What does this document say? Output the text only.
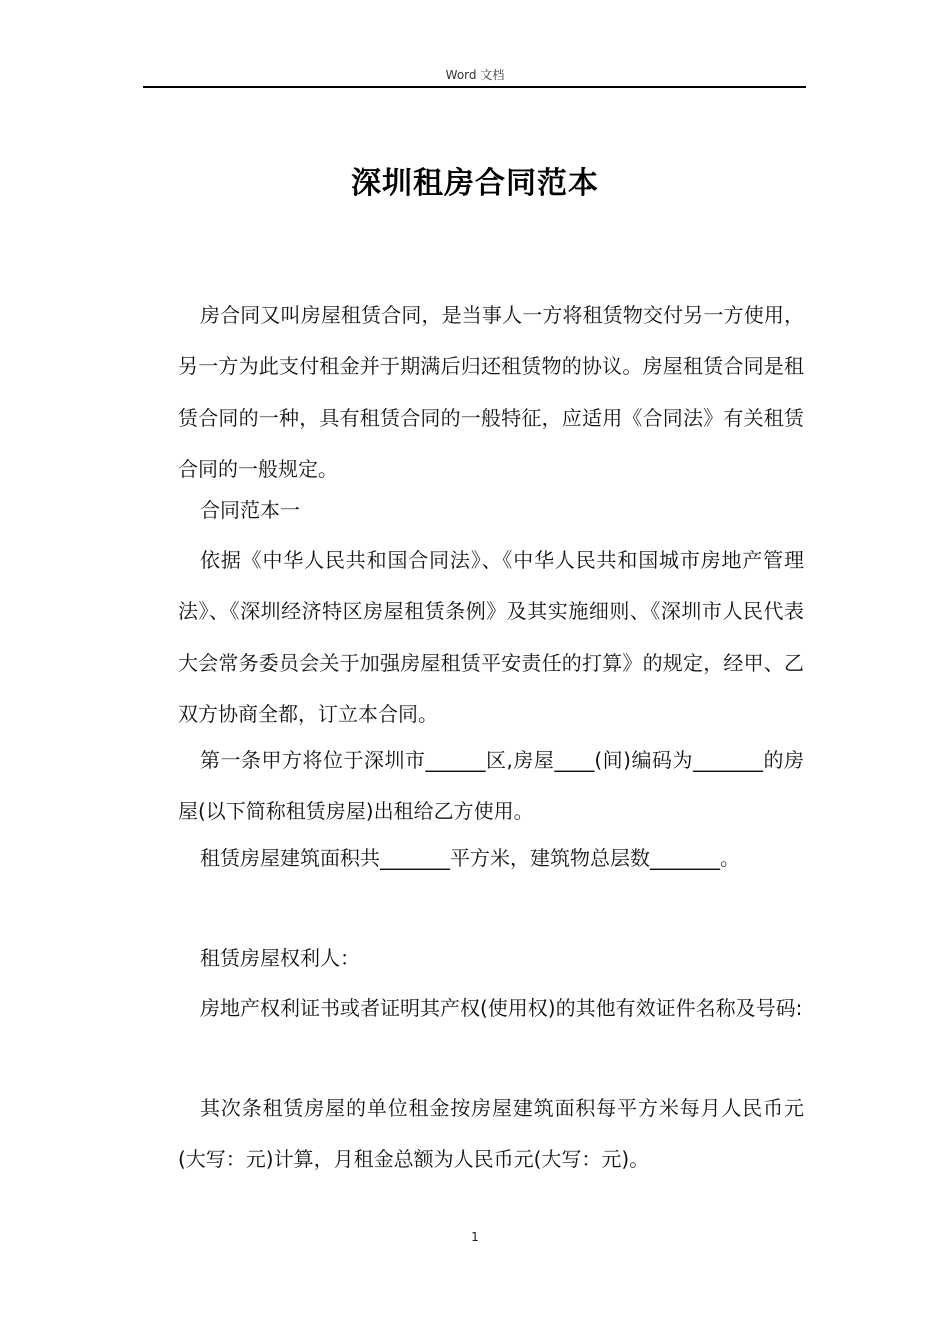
Word 文档
深圳租房合同范本

房合同又叫房屋租赁合同，是当事人一方将租赁物交付另一方使用，另一方为此支付租金并于期满后归还租赁物的协议。房屋租赁合同是租赁合同的一种，具有租赁合同的一般特征，应适用《合同法》有关租赁合同的一般规定。

合同范本一

依据《中华人民共和国合同法》、《中华人民共和国城市房地产管理法》、《深圳经济特区房屋租赁条例》及其实施细则、《深圳市人民代表大会常务委员会关于加强房屋租赁平安责任的打算》的规定，经甲、乙双方协商全都，订立本合同。

第一条甲方将位于深圳市______区,房屋____(间)编码为_______的房屋(以下简称租赁房屋)出租给乙方使用。

租赁房屋建筑面积共_______平方米，建筑物总层数_______。

租赁房屋权利人：

房地产权利证书或者证明其产权(使用权)的其他有效证件名称及号码:

其次条租赁房屋的单位租金按房屋建筑面积每平方米每月人民币元(大写：元)计算，月租金总额为人民币元(大写：元)。

1
